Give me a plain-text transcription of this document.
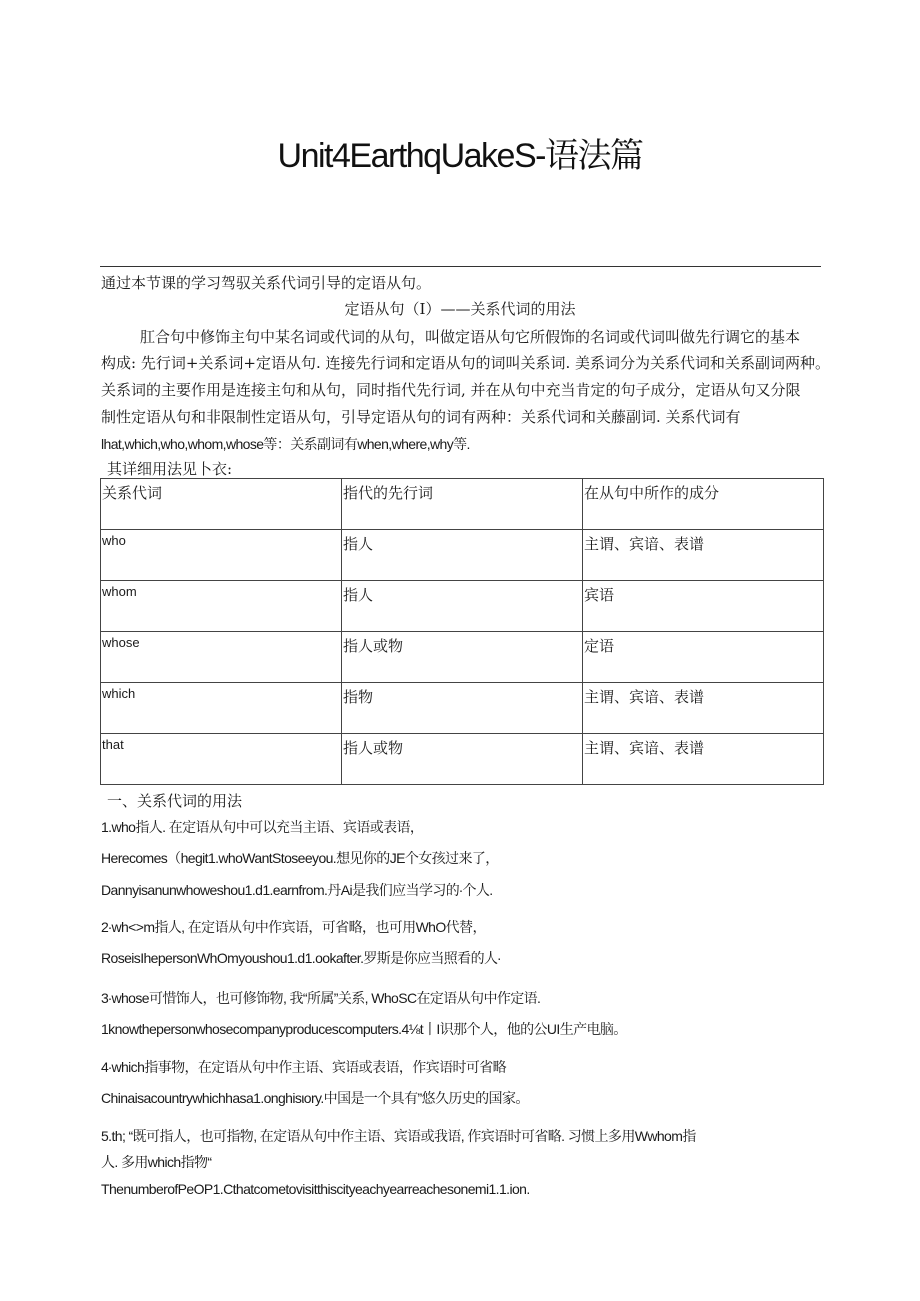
Unit4EarthqUakeS-语法篇
通过本节课的学习驾驭关系代词引导的定语从句。
定语从句（I）——关系代词的用法
肛合句中修饰主句中某名词或代词的从句，叫做定语从句它所假饰的名词或代词叫做先行调它的基本
构成: 先行词+关系词+定语从句. 连接先行词和定语从句的词叫关系词. 美系词分为关系代词和关系副词两种。
关系词的主要作用是连接主句和从句，同时指代先行词, 并在从句中充当肯定的句子成分，定语从句又分限
制性定语从句和非限制性定语从句，引导定语从句的词有两种：关系代词和关藤副词. 关系代词有
lhat,which,who,whom,whose等：关系副词有when,where,why等.
其详细用法见卜衣:
关系代词	指代的先行词	在从句中所作的成分
who	指人	主谓、宾谙、表谱
whom	指人	宾语
whose	指人或物	定语
which	指物	主谓、宾谙、表谱
that	指人或物	主谓、宾谙、表谱
一、关系代词的用法
1.who指人. 在定语从句中可以充当主语、宾语或表语，
Herecomes（hegit1.whoWantStoseeyou.想见你的JE个女孩过来了，
Dannyisanunwhoweshou1.d1.earnfrom.丹Ai是我们应当学习的∙个人.
2∙wh<>m指人, 在定语从句中作宾语，可省略，也可用WhO代替，
RoseisIhepersonWhOmyoushou1.d1.ookafter.罗斯是你应当照看的人∙
3∙whose可惜饰人，也可修饰物, 我“所属”关系, WhoSC在定语从句中作定语.
1knowthepersonwhosecompanyproducescomputers.4⅛t丨I识那个人，他的公UI生产电脑。
4∙which指事物，在定语从句中作主语、宾语或表语，作宾语时可省略
Chinaisacountrywhichhasa1.onghisιory.中国是一个具有”悠久历史的国家。
5.th; “既可指人，也可指物, 在定语从句中作主语、宾语或我语, 作宾语时可省略. 习惯上多用Wwhom指
人. 多用which指物“
ThenumberofPeOP1.Cthatcometovisitthiscityeachyearreachesonemi1.1.ion.
